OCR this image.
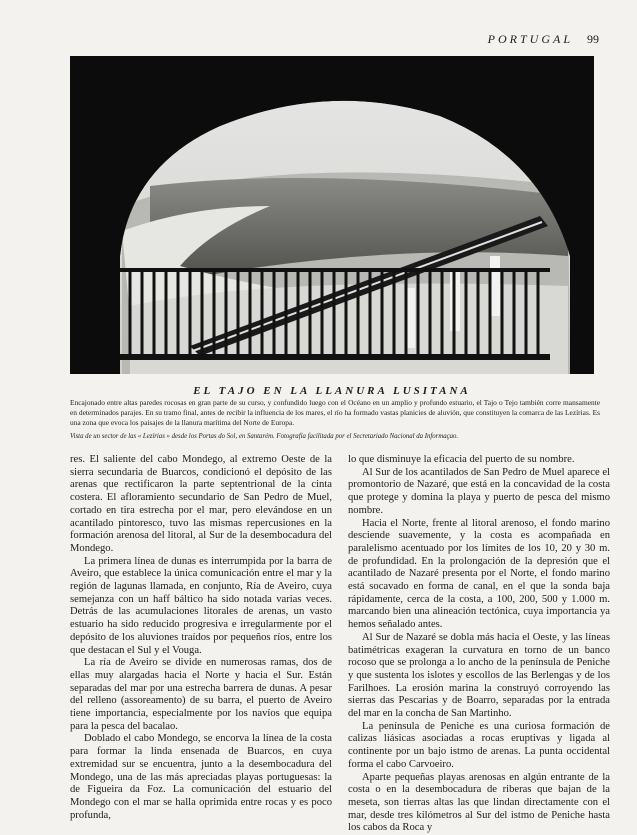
PORTUGAL 99
EL TAJO EN LA LLANURA LUSITANA
Encajonado entre altas paredes rocosas en gran parte de su curso, y confundido luego con el Océano en un amplio y profundo estuario, el Tajo o Tejo también corre mansamente en determinados parajes. En su tramo final, antes de recibir la influencia de los mares, el río ha formado vastas planicies de aluvión, que constituyen la comarca de las Lezírias. Es una zona que evoca los paisajes de la llanura marítima del Norte de Europa.
Vista de un sector de las « Lezírias » desde los Portas do Sol, en Santarém. Fotografía facilitada por el Secretariado Nacional da Informaçao.

res. El saliente del cabo Mondego, al extremo Oeste de la sierra secundaria de Buarcos, condicionó el depósito de las arenas que rectificaron la parte septentrional de la cinta costera. El afloramiento secundario de San Pedro de Muel, cortado en tira estrecha por el mar, pero elevándose en un acantilado pintoresco, tuvo las mismas repercusiones en la formación arenosa del litoral, al Sur de la desembocadura del Mondego.

La primera línea de dunas es interrumpida por la barra de Aveiro, que establece la única comunicación entre el mar y la región de lagunas llamada, en conjunto, Ría de Aveiro, cuya semejanza con un haff báltico ha sido notada varias veces. Detrás de las acumulaciones litorales de arenas, un vasto estuario ha sido reducido progresiva e irregularmente por el depósito de los aluviones traídos por pequeños ríos, entre los que destacan el Sul y el Vouga.

La ría de Aveiro se divide en numerosas ramas, dos de ellas muy alargadas hacia el Norte y hacia el Sur. Están separadas del mar por una estrecha barrera de dunas. A pesar del relleno (assoreamento) de su barra, el puerto de Aveiro tiene importancia, especialmente por los navíos que equipa para la pesca del bacalao.

Doblado el cabo Mondego, se encorva la línea de la costa para formar la linda ensenada de Buarcos, en cuya extremidad sur se encuentra, junto a la desembocadura del Mondego, una de las más apreciadas playas portuguesas: la de Figueira da Foz. La comunicación del estuario del Mondego con el mar se halla oprimida entre rocas y es poco profunda,

lo que disminuye la eficacia del puerto de su nombre.

Al Sur de los acantilados de San Pedro de Muel aparece el promontorio de Nazaré, que está en la concavidad de la costa que protege y domina la playa y puerto de pesca del mismo nombre.

Hacia el Norte, frente al litoral arenoso, el fondo marino desciende suavemente, y la costa es acompañada en paralelismo acentuado por los límites de los 10, 20 y 30 m. de profundidad. En la prolongación de la depresión que el acantilado de Nazaré presenta por el Norte, el fondo marino está socavado en forma de canal, en el que la sonda baja rápidamente, cerca de la costa, a 100, 200, 500 y 1.000 m. marcando bien una alineación tectónica, cuya importancia ya hemos señalado antes.

Al Sur de Nazaré se dobla más hacia el Oeste, y las líneas batimétricas exageran la curvatura en torno de un banco rocoso que se prolonga a lo ancho de la península de Peniche y que sustenta los islotes y escollos de las Berlengas y de los Farilhoes. La erosión marina la construyó corroyendo las sierras das Pescarias y de Boarro, separadas por la entrada del mar en la concha de San Martinho.

La península de Peniche es una curiosa formación de calizas liásicas asociadas a rocas eruptivas y ligada al continente por un bajo istmo de arenas. La punta occidental forma el cabo Carvoeiro.

Aparte pequeñas playas arenosas en algún entrante de la costa o en la desembocadura de riberas que bajan de la meseta, son tierras altas las que lindan directamente con el mar, desde tres kilómetros al Sur del istmo de Peniche hasta los cabos da Roca y
